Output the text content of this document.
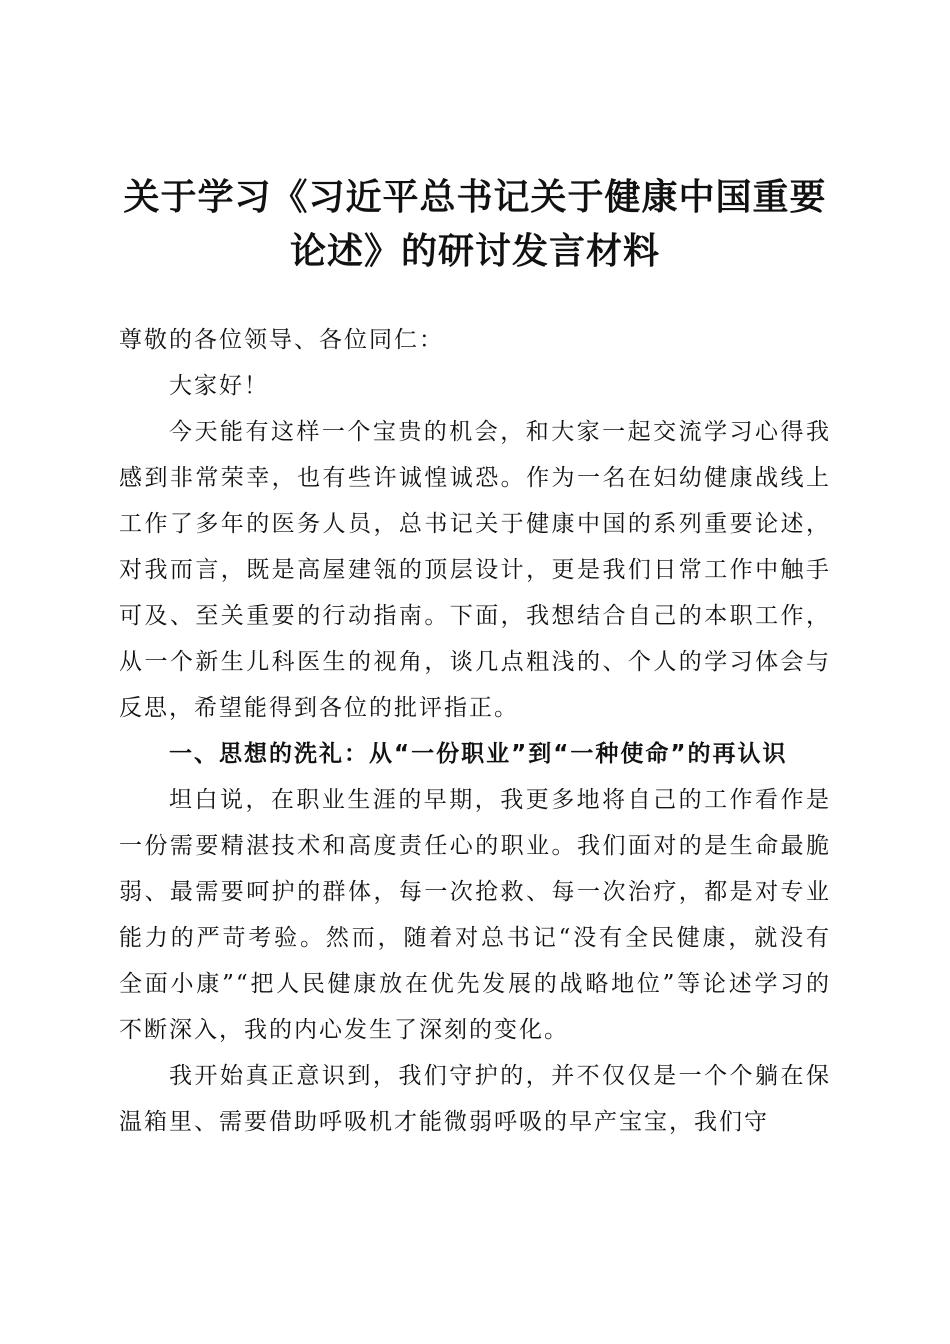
关于学习《习近平总书记关于健康中国重要论述》的研讨发言材料

尊敬的各位领导、各位同仁：

大家好！

今天能有这样一个宝贵的机会，和大家一起交流学习心得我感到非常荣幸，也有些许诚惶诚恐。作为一名在妇幼健康战线上工作了多年的医务人员，总书记关于健康中国的系列重要论述，对我而言，既是高屋建瓴的顶层设计，更是我们日常工作中触手可及、至关重要的行动指南。下面，我想结合自己的本职工作，从一个新生儿科医生的视角，谈几点粗浅的、个人的学习体会与反思，希望能得到各位的批评指正。

一、思想的洗礼：从“一份职业”到“一种使命”的再认识

坦白说，在职业生涯的早期，我更多地将自己的工作看作是一份需要精湛技术和高度责任心的职业。我们面对的是生命最脆弱、最需要呵护的群体，每一次抢救、每一次治疗，都是对专业能力的严苛考验。然而，随着对总书记“没有全民健康，就没有全面小康”“把人民健康放在优先发展的战略地位”等论述学习的不断深入，我的内心发生了深刻的变化。

我开始真正意识到，我们守护的，并不仅仅是一个个躺在保温箱里、需要借助呼吸机才能微弱呼吸的早产宝宝，我们守
